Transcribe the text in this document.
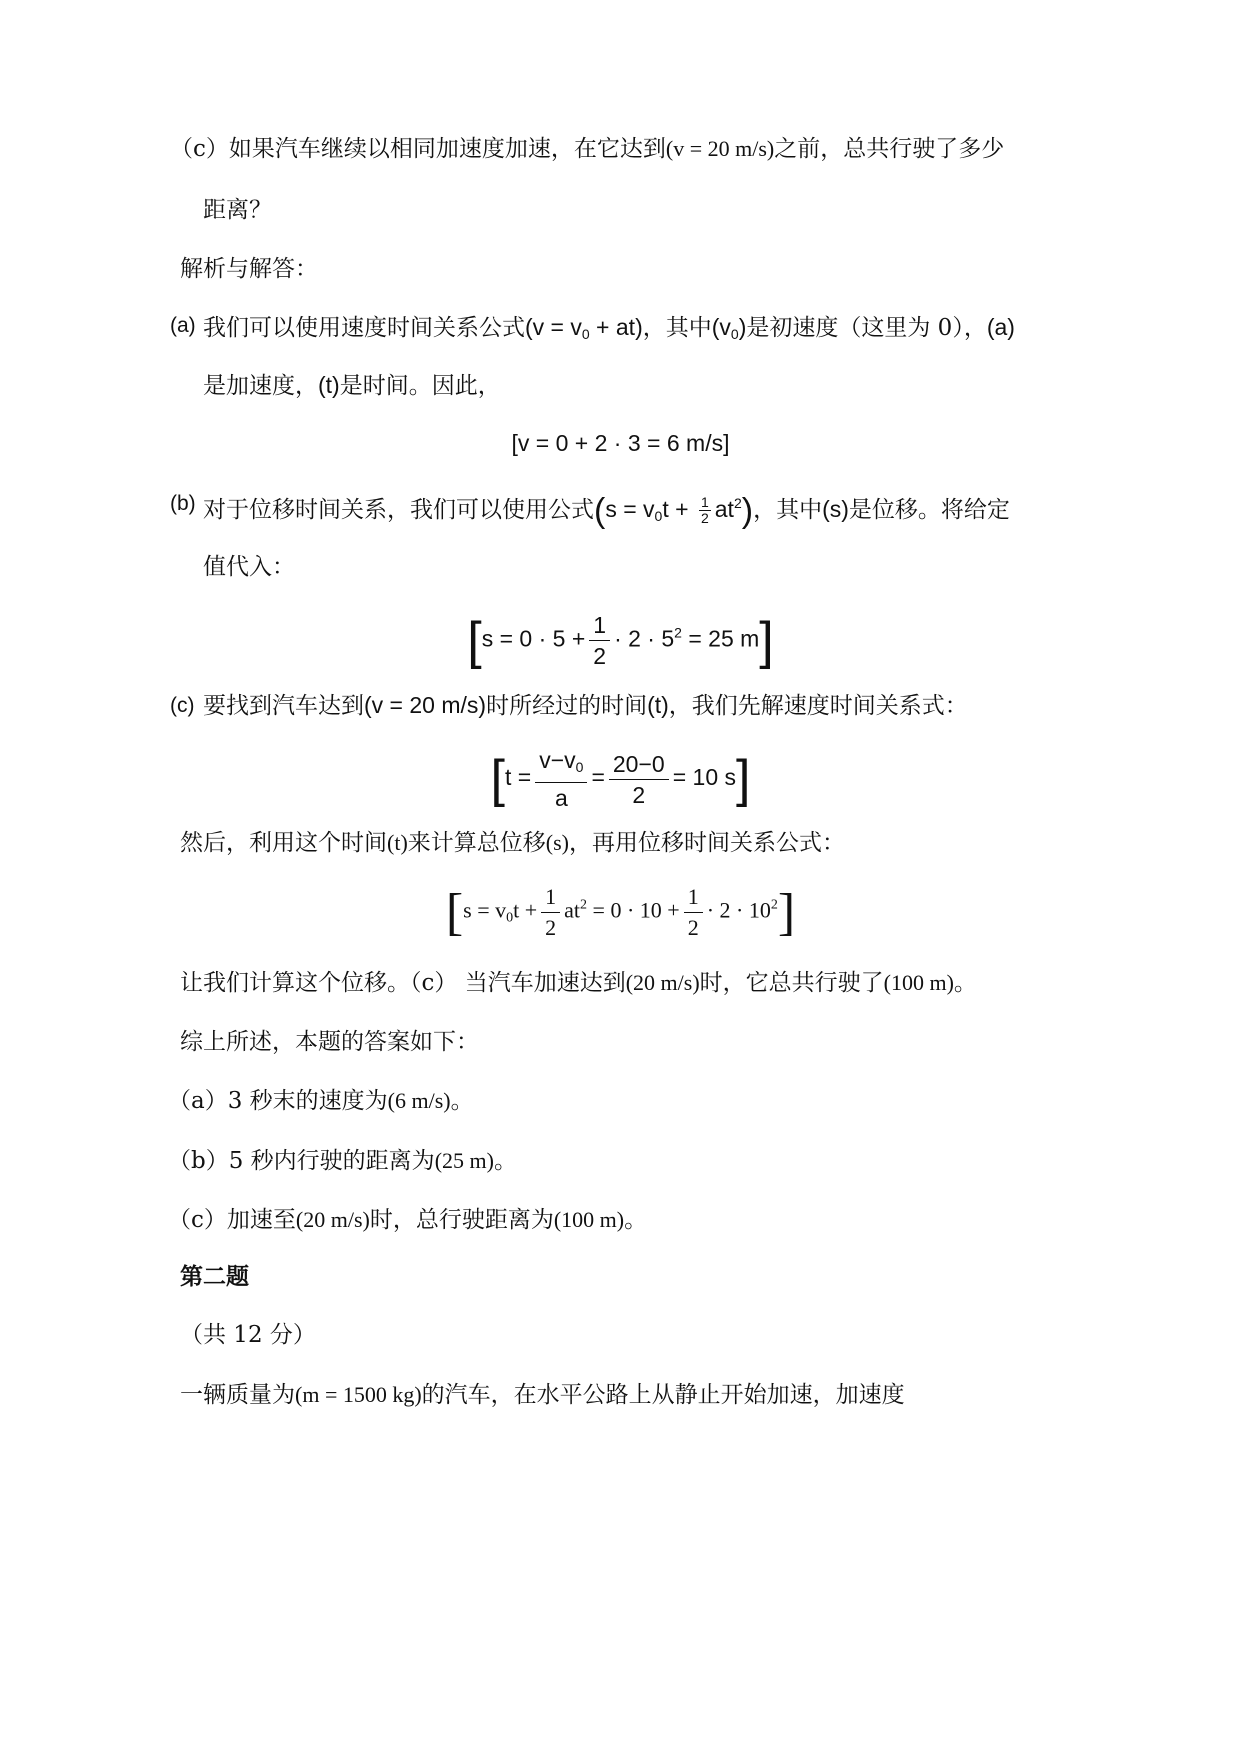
（c）如果汽车继续以相同加速度加速，在它达到(v = 20 m/s)之前，总共行驶了多少
距离？
解析与解答：
(a) 我们可以使用速度时间关系公式$(v = v_0 + at)$，其中$(v_0)$是初速度（这里为 0），(a)
是加速度，(t)是时间。因此，
[v = 0 + 2 · 3 = 6 m/s]
(b) 对于位移时间关系，我们可以使用公式$(s = v_0t + \frac{1}{2} at^2)$，其中(s)是位移。将给定
值代入：
[$s = 0 \cdot 5 + \frac{1}{2} \cdot 2 \cdot 5^2 = 25$ m]
(c) 要找到汽车达到(v = 20 m/s)时所经过的时间(t)，我们先解速度时间关系式：
[$t = \frac{v-v_0}{a} = \frac{20-0}{2} = 10$ s]
然后，利用这个时间(t)来计算总位移(s)，再用位移时间关系公式：
$[s = v_0t + \frac{1}{2} at^2 = 0 \cdot 10 + \frac{1}{2} \cdot 2 \cdot 10^2]$
让我们计算这个位移。（c） 当汽车加速达到(20 m/s)时，它总共行驶了(100 m)。
综上所述，本题的答案如下：
（a）3 秒末的速度为(6 m/s)。
（b）5 秒内行驶的距离为(25 m)。
（c）加速至(20 m/s)时，总行驶距离为(100 m)。
第二题
（共 12 分）
一辆质量为(m = 1500 kg)的汽车，在水平公路上从静止开始加速，加速度
